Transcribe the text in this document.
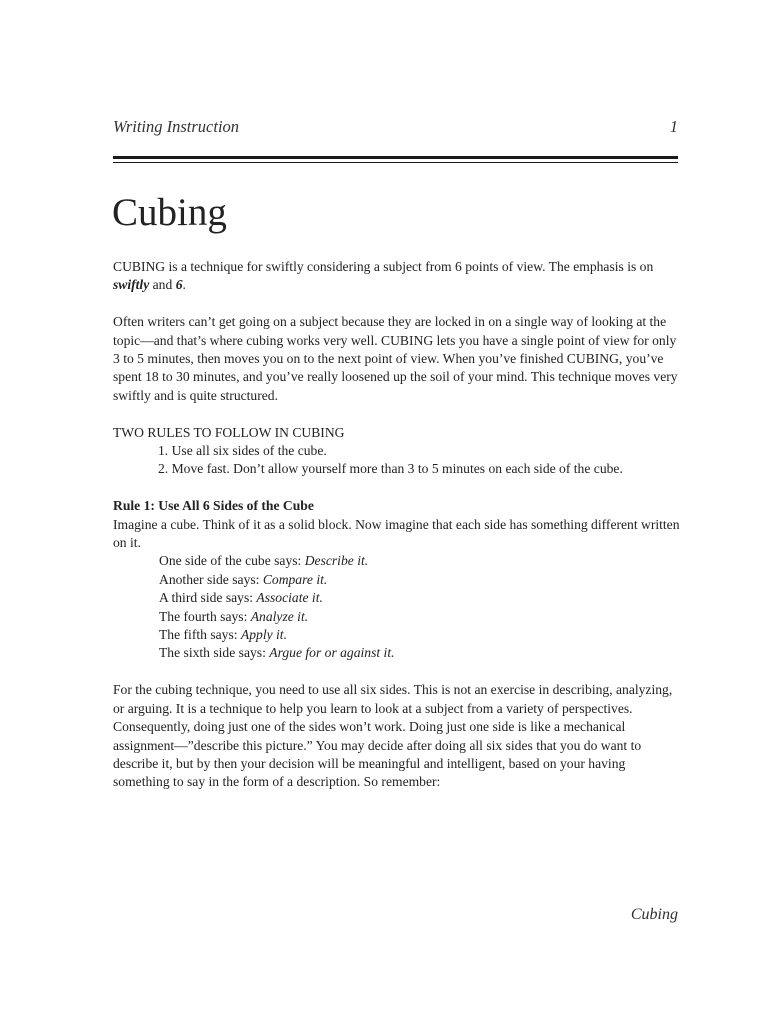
Writing Instruction	1
Cubing

CUBING is a technique for swiftly considering a subject from 6 points of view. The emphasis is on swiftly and 6.

Often writers can’t get going on a subject because they are locked in on a single way of looking at the topic—and that’s where cubing works very well. CUBING lets you have a single point of view for only 3 to 5 minutes, then moves you on to the next point of view. When you’ve finished CUBING, you’ve spent 18 to 30 minutes, and you’ve really loosened up the soil of your mind. This technique moves very swiftly and is quite structured.

TWO RULES TO FOLLOW IN CUBING
1. Use all six sides of the cube.
2. Move fast. Don’t allow yourself more than 3 to 5 minutes on each side of the cube.
Rule 1: Use All 6 Sides of the Cube
Imagine a cube. Think of it as a solid block. Now imagine that each side has something different written on it.
One side of the cube says: Describe it.
Another side says: Compare it.
A third side says: Associate it.
The fourth says: Analyze it.
The fifth says: Apply it.
The sixth side says: Argue for or against it.

For the cubing technique, you need to use all six sides. This is not an exercise in describing, analyzing, or arguing. It is a technique to help you learn to look at a subject from a variety of perspectives. Consequently, doing just one of the sides won’t work. Doing just one side is like a mechanical assignment—”describe this picture.” You may decide after doing all six sides that you do want to describe it, but by then your decision will be meaningful and intelligent, based on your having something to say in the form of a description. So remember:

Cubing
